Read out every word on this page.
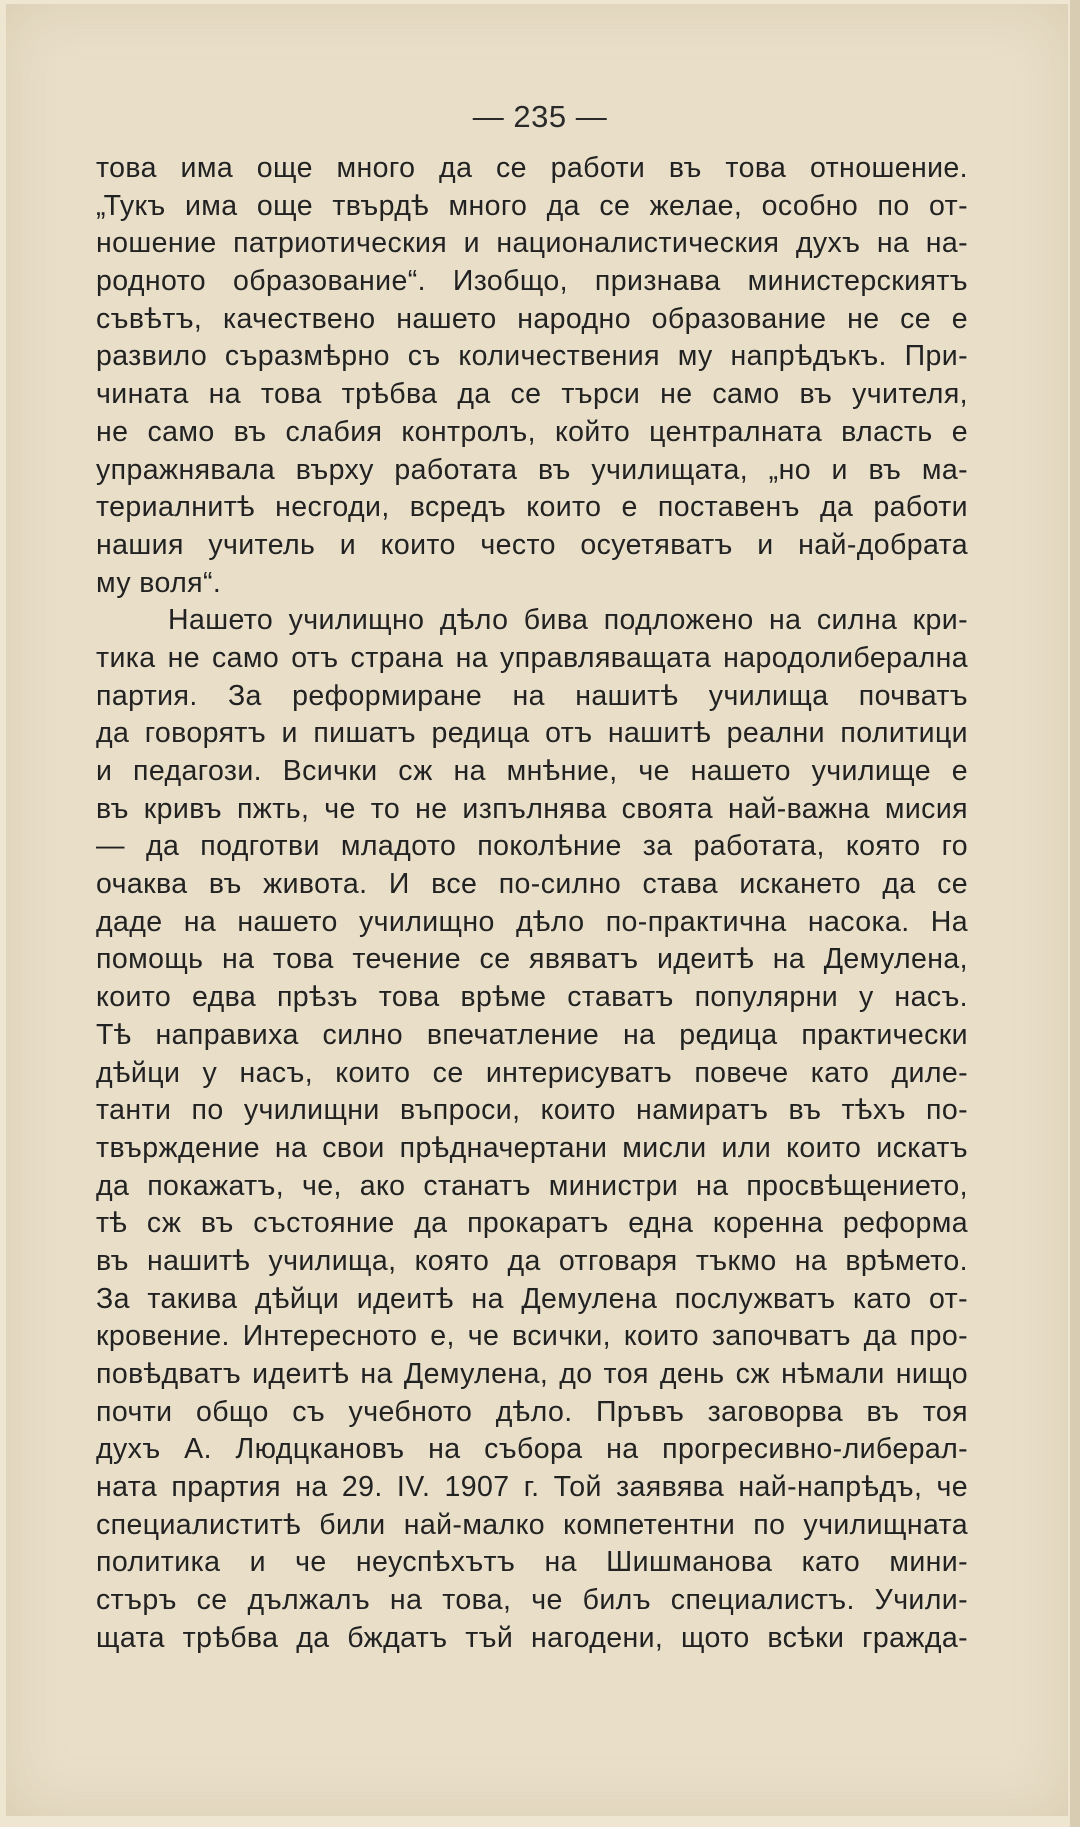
— 235 —
това има още много да се работи въ това отношение.
„Тукъ има още твърдѣ много да се желае, особно по от-
ношение патриотическия и националистическия духъ на на-
родното образование“. Изобщо, признава министерскиятъ
съвѣтъ, качествено нашето народно образование не се е
развило съразмѣрно съ количествения му напрѣдъкъ. При-
чината на това трѣбва да се търси не само въ учителя,
не само въ слабия контролъ, който централната власть е
упражнявала върху работата въ училищата, „но и въ ма-
териалнитѣ несгоди, всредъ които е поставенъ да работи
нашия учитель и които често осуетяватъ и най-добрата
му воля“.
Нашето училищно дѣло бива подложено на силна кри-
тика не само отъ страна на управляващата народолиберална
партия. За реформиране на нашитѣ училища почватъ
да говорятъ и пишатъ редица отъ нашитѣ реални политици
и педагози. Всички сж на мнѣние, че нашето училище е
въ кривъ пжть, че то не изпълнява своята най-важна мисия
— да подготви младото поколѣние за работата, която го
очаква въ живота. И все по-силно става искането да се
даде на нашето училищно дѣло по-практична насока. На
помощь на това течение се явяватъ идеитѣ на Демулена,
които едва прѣзъ това врѣме ставатъ популярни у насъ.
Тѣ направиха силно впечатление на редица практически
дѣйци у насъ, които се интерисуватъ повече като диле-
танти по училищни въпроси, които намиратъ въ тѣхъ по-
твърждение на свои прѣдначертани мисли или които искатъ
да покажатъ, че, ако станатъ министри на просвѣщението,
тѣ сж въ състояние да прокаратъ една коренна реформа
въ нашитѣ училища, която да отговаря тъкмо на врѣмето.
За такива дѣйци идеитѣ на Демулена послужватъ като от-
кровение. Интересното е, че всички, които започватъ да про-
повѣдватъ идеитѣ на Демулена, до тоя день сж нѣмали нищо
почти общо съ учебното дѣло. Пръвъ заговорва въ тоя
духъ А. Людцкановъ на събора на прогресивно-либерал-
ната прартия на 29. IV. 1907 г. Той заявява най-напрѣдъ, че
специалиститѣ били най-малко компетентни по училищната
политика и че неуспѣхътъ на Шишманова като мини-
стъръ се дължалъ на това, че билъ специалистъ. Учили-
щата трѣбва да бждатъ тъй нагодени, щото всѣки гражда-
